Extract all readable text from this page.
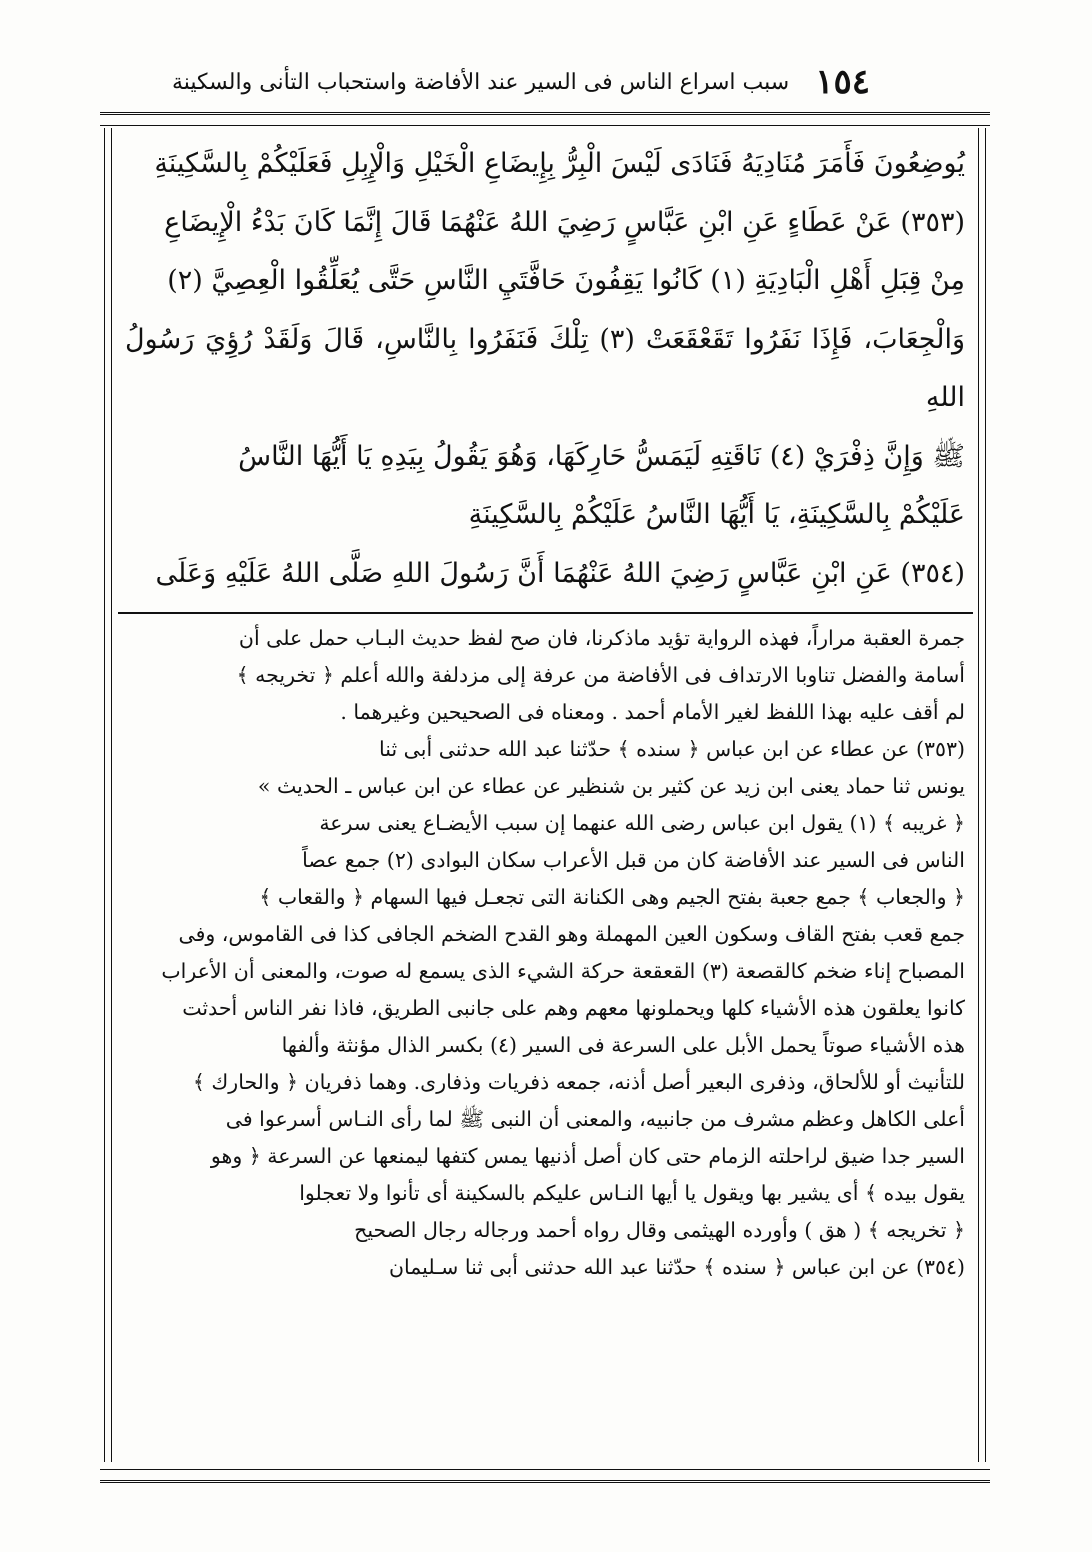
١٥٤
سبب اسراع الناس فى السير عند الأفاضة واستحباب التأنى والسكينة

يُوضِعُونَ فَأَمَرَ مُنَادِيَهُ فَنَادَى لَيْسَ الْبِرُّ بِإِيضَاعِ الْخَيْلِ وَالْإِبِلِ فَعَلَيْكُمْ بِالسَّكِينَةِ

(٣٥٣) عَنْ عَطَاءٍ عَنِ ابْنِ عَبَّاسٍ رَضِيَ اللهُ عَنْهُمَا قَالَ إِنَّمَا كَانَ بَدْءُ الْإِيضَاعِ

مِنْ قِبَلِ أَهْلِ الْبَادِيَةِ (١) كَانُوا يَقِفُونَ حَافَّتَيِ النَّاسِ حَتَّى يُعَلِّقُوا الْعِصِيَّ (٢)

وَالْجِعَابَ، فَإِذَا نَفَرُوا تَقَعْقَعَتْ (٣) تِلْكَ فَنَفَرُوا بِالنَّاسِ، قَالَ وَلَقَدْ رُؤِيَ رَسُولُ اللهِ

ﷺ وَإِنَّ ذِفْرَيْ (٤) نَاقَتِهِ لَيَمَسُّ حَارِكَهَا، وَهُوَ يَقُولُ بِيَدِهِ يَا أَيُّهَا النَّاسُ

عَلَيْكُمْ بِالسَّكِينَةِ، يَا أَيُّهَا النَّاسُ عَلَيْكُمْ بِالسَّكِينَةِ

(٣٥٤) عَنِ ابْنِ عَبَّاسٍ رَضِيَ اللهُ عَنْهُمَا أَنَّ رَسُولَ اللهِ صَلَّى اللهُ عَلَيْهِ وَعَلَى

جمرة العقبة مراراً، فهذه الرواية تؤيد ماذكرنا، فان صح لفظ حديث البـاب حمل على أن

أسامة والفضل تناوبا الارتداف فى الأفاضة من عرفة إلى مزدلفة والله أعلم ﴿ تخريجه ﴾

لم أقف عليه بهذا اللفظ لغير الأمام أحمد . ومعناه فى الصحيحين وغيرهما .

(٣٥٣) عن عطاء عن ابن عباس ﴿ سنده ﴾ حدّثنا عبد الله حدثنى أبى ثنا

يونس ثنا حماد يعنى ابن زيد عن كثير بن شنظير عن عطاء عن ابن عباس ـ الحديث »

﴿ غريبه ﴾ (١) يقول ابن عباس رضى الله عنهما إن سبب الأيضـاع يعنى سرعة

الناس فى السير عند الأفاضة كان من قبل الأعراب سكان البوادى (٢) جمع عصاً

﴿ والجعاب ﴾ جمع جعبة بفتح الجيم وهى الكنانة التى تجعـل فيها السهام ﴿ والقعاب ﴾

جمع قعب بفتح القاف وسكون العين المهملة وهو القدح الضخم الجافى كذا فى القاموس، وفى

المصباح إناء ضخم كالقصعة (٣) القعقعة حركة الشيء الذى يسمع له صوت، والمعنى أن الأعراب

كانوا يعلقون هذه الأشياء كلها ويحملونها معهم وهم على جانبى الطريق، فاذا نفر الناس أحدثت

هذه الأشياء صوتاً يحمل الأبل على السرعة فى السير (٤) بكسر الذال مؤنثة وألفها

للتأنيث أو للألحاق، وذفرى البعير أصل أذنه، جمعه ذفريات وذفارى. وهما ذفريان ﴿ والحارك ﴾

أعلى الكاهل وعظم مشرف من جانبيه، والمعنى أن النبى ﷺ لما رأى النـاس أسرعوا فى

السير جدا ضيق لراحلته الزمام حتى كان أصل أذنيها يمس كتفها ليمنعها عن السرعة ﴿ وهو

يقول بيده ﴾ أى يشير بها ويقول يا أيها النـاس عليكم بالسكينة أى تأنوا ولا تعجلوا

﴿ تخريجه ﴾ ( هق ) وأورده الهيثمى وقال رواه أحمد ورجاله رجال الصحيح

(٣٥٤) عن ابن عباس ﴿ سنده ﴾ حدّثنا عبد الله حدثنى أبى ثنا سـليمان
